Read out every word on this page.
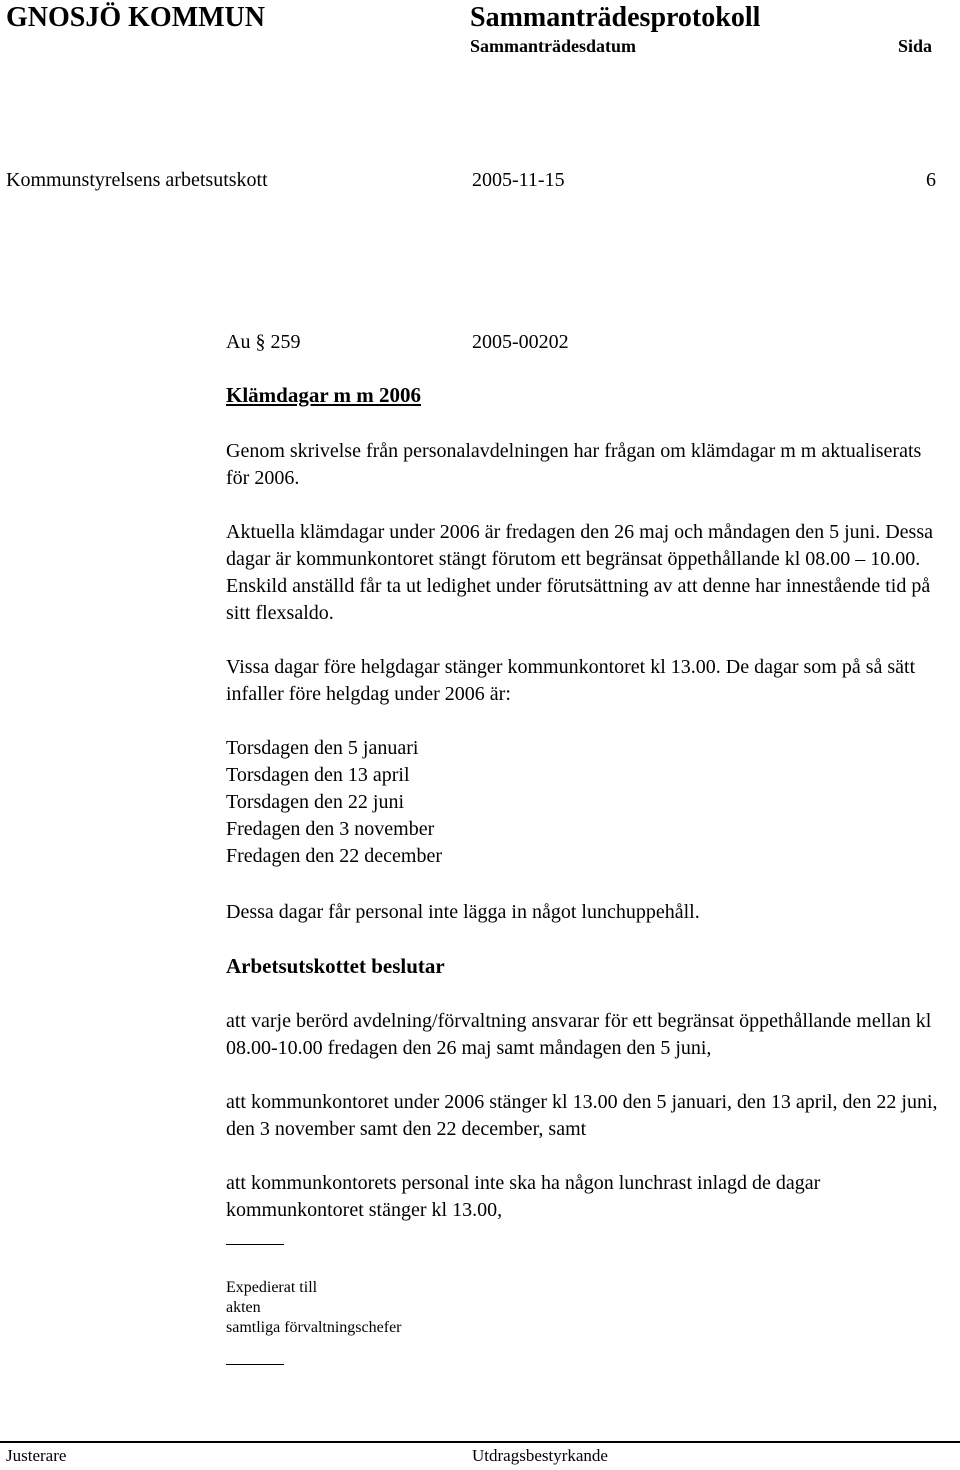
GNOSJÖ KOMMUN	Sammanträdesprotokoll
Sammanträdesdatum	Sida
Kommunstyrelsens arbetsutskott	2005-11-15	6
Au § 259	2005-00202
Klämdagar m m 2006
Genom skrivelse från personalavdelningen har frågan om klämdagar m m aktualiserats för 2006.
Aktuella klämdagar under 2006 är fredagen den 26 maj och måndagen den 5 juni. Dessa dagar är kommunkontoret stängt förutom ett begränsat öppethållande kl 08.00 – 10.00. Enskild anställd får ta ut ledighet under förutsättning av att denne har innestående tid på sitt flexsaldo.
Vissa dagar före helgdagar stänger kommunkontoret kl 13.00. De dagar som på så sätt infaller före helgdag under 2006 är:
Torsdagen den 5 januari
Torsdagen den 13 april
Torsdagen den 22 juni
Fredagen den 3 november
Fredagen den 22 december
Dessa dagar får personal inte lägga in något lunchuppehåll.
Arbetsutskottet beslutar
att varje berörd avdelning/förvaltning ansvarar för ett begränsat öppethållande mellan kl 08.00-10.00 fredagen den 26 maj samt måndagen den 5 juni,
att kommunkontoret under 2006 stänger kl 13.00 den 5 januari, den 13 april, den 22 juni, den 3 november samt den 22 december, samt
att kommunkontorets personal inte ska ha någon lunchrast inlagd de dagar kommunkontoret stänger kl 13.00,
Expedierat till
akten
samtliga förvaltningschefer
Justerare	Utdragsbestyrkande
